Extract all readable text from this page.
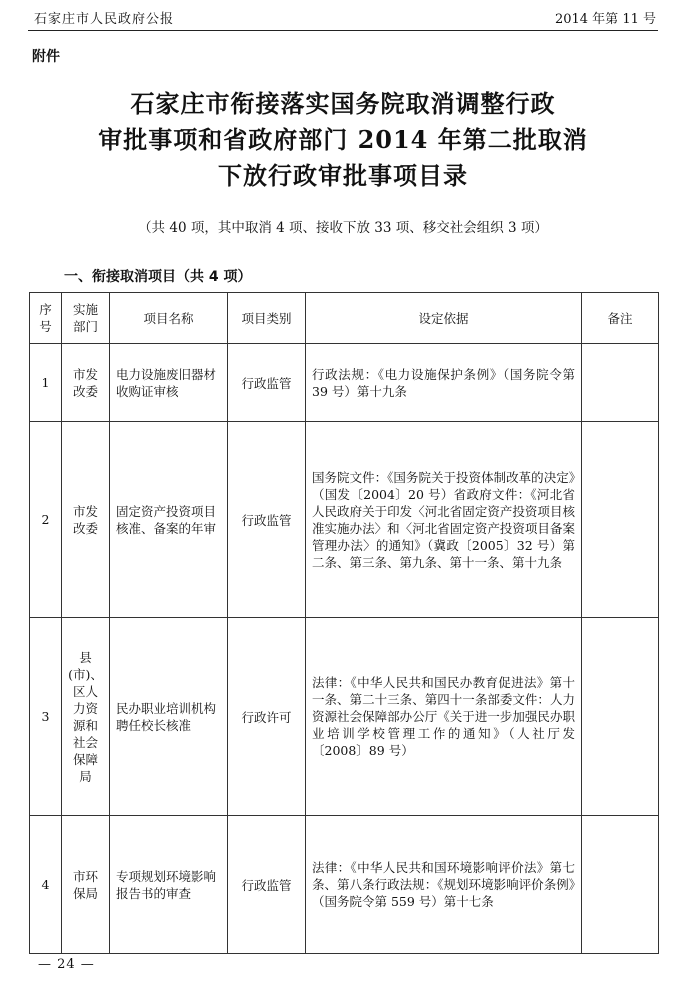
石家庄市人民政府公报	2014 年第 11 号
附件
石家庄市衔接落实国务院取消调整行政
审批事项和省政府部门 2014 年第二批取消
下放行政审批事项目录
（共 40 项，其中取消 4 项、接收下放 33 项、移交社会组织 3 项）
一、衔接取消项目（共 4 项）
序号	实施部门	项目名称	项目类别	设定依据	备注
1	市发改委	电力设施废旧器材收购证审核	行政监管	行政法规：《电力设施保护条例》（国务院令第 39 号）第十九条	
2	市发改委	固定资产投资项目核准、备案的年审	行政监管	国务院文件：《国务院关于投资体制改革的决定》（国发〔2004〕20 号）省政府文件：《河北省人民政府关于印发〈河北省固定资产投资项目核准实施办法〉和〈河北省固定资产投资项目备案管理办法〉的通知》（冀政〔2005〕32 号）第二条、第三条、第九条、第十一条、第十九条	
3	县(市)、区人力资源和社会保障局	民办职业培训机构聘任校长核准	行政许可	法律：《中华人民共和国民办教育促进法》第十一条、第二十三条、第四十一条部委文件：人力资源社会保障部办公厅《关于进一步加强民办职业培训学校管理工作的通知》（人社厅发〔2008〕89 号）	
4	市环保局	专项规划环境影响报告书的审查	行政监管	法律：《中华人民共和国环境影响评价法》第七条、第八条行政法规：《规划环境影响评价条例》（国务院令第 559 号）第十七条	
— 24 —
